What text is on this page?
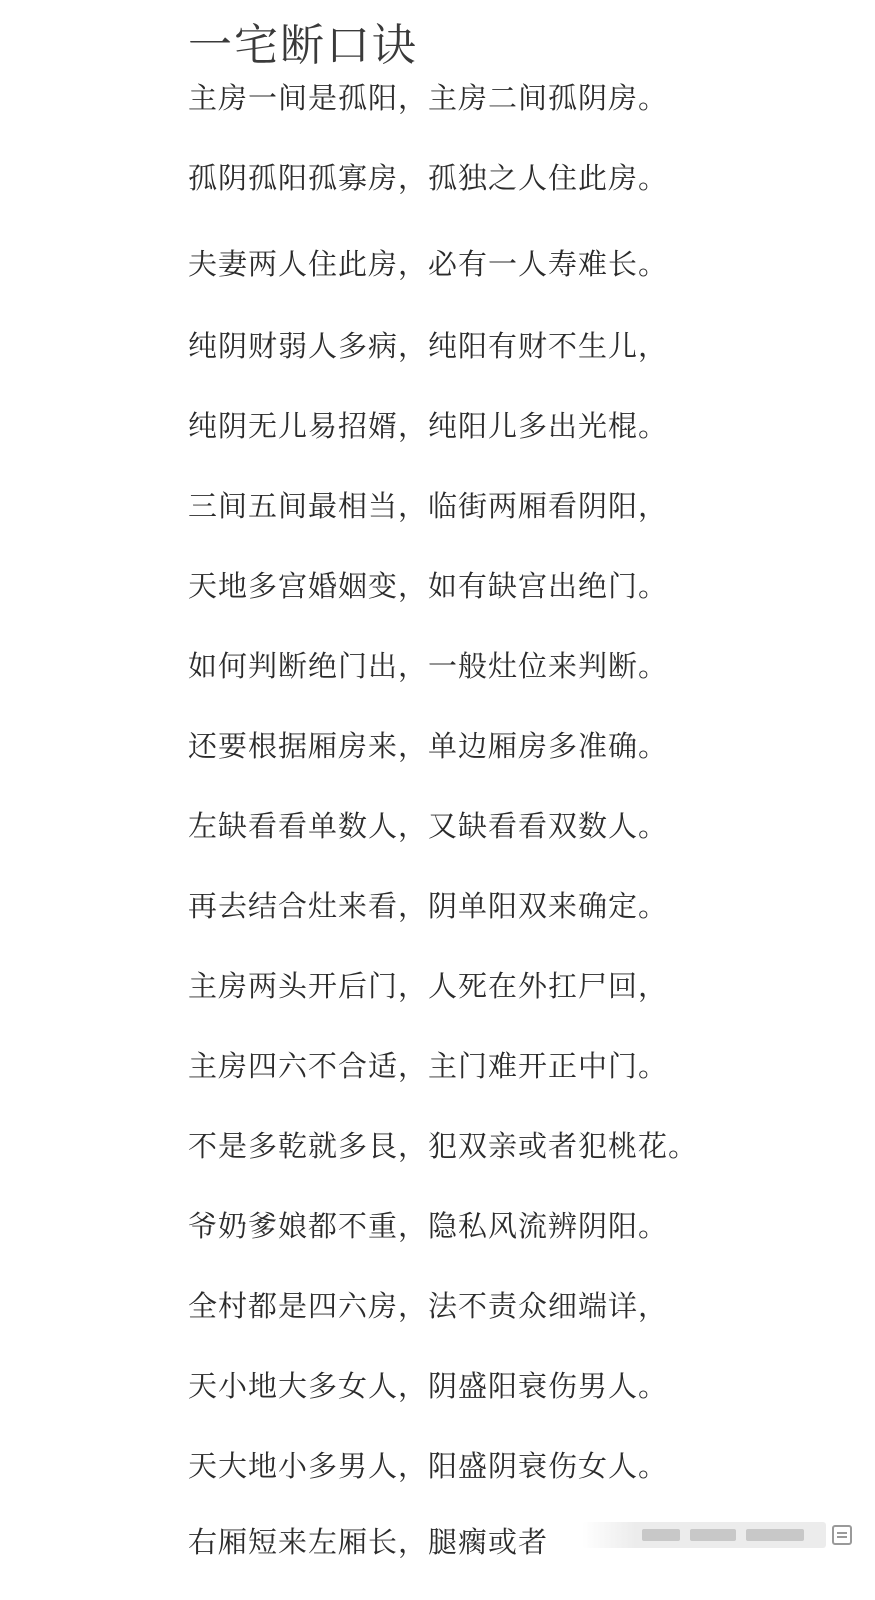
一宅断口诀
主房一间是孤阳，主房二间孤阴房。
孤阴孤阳孤寡房，孤独之人住此房。
夫妻两人住此房，必有一人寿难长。
纯阴财弱人多病，纯阳有财不生儿，
纯阴无儿易招婿，纯阳儿多出光棍。
三间五间最相当，临街两厢看阴阳，
天地多宫婚姻变，如有缺宫出绝门。
如何判断绝门出，一般灶位来判断。
还要根据厢房来，单边厢房多准确。
左缺看看单数人，又缺看看双数人。
再去结合灶来看，阴单阳双来确定。
主房两头开后门，人死在外扛尸回，
主房四六不合适，主门难开正中门。
不是多乾就多艮，犯双亲或者犯桃花。
爷奶爹娘都不重，隐私风流辨阴阳。
全村都是四六房，法不责众细端详，
天小地大多女人，阴盛阳衰伤男人。
天大地小多男人，阳盛阴衰伤女人。
右厢短来左厢长，腿瘸或者
